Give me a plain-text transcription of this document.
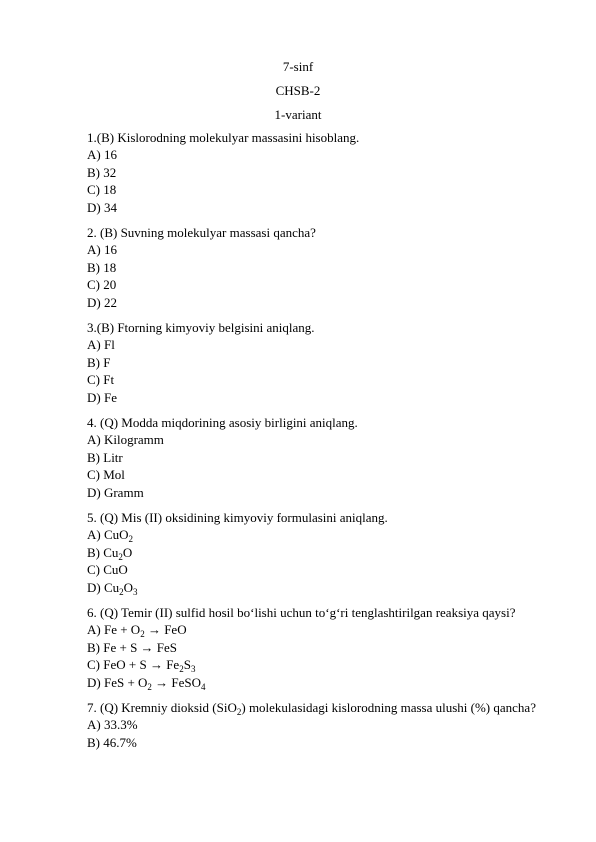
7-sinf
CHSB-2
1-variant
1.(B) Kislorodning molekulyar massasini hisoblang.
A) 16
B) 32
C) 18
D) 34
2. (B) Suvning molekulyar massasi qancha?
A) 16
B) 18
C) 20
D) 22
3.(B) Ftorning kimyoviy belgisini aniqlang.
A) Fl
B) F
C) Ft
D) Fe
4. (Q) Modda miqdorining asosiy birligini aniqlang.
A) Kilogramm
B) Litr
C) Mol
D) Gramm
5. (Q) Mis (II) oksidining kimyoviy formulasini aniqlang.
A) CuO$_2$
B) $Cu_2O$
C) CuO
D) $Cu_2O_3$
6. (Q) Temir (II) sulfid hosil bo‘lishi uchun to‘g‘ri tenglashtirilgan reaksiya qaysi?
A) $Fe + O_2$ → FeO
B) Fe + S → FeS
C) FeO + $S \to Fe_2S_3$
D) FeS + $O_2$ → FeSO$_4$
7. (Q) Kremniy dioksid (SiO$_2$) molekulasidagi kislorodning massa ulushi (%) qancha?
A) 33.3%
B) 46.7%
